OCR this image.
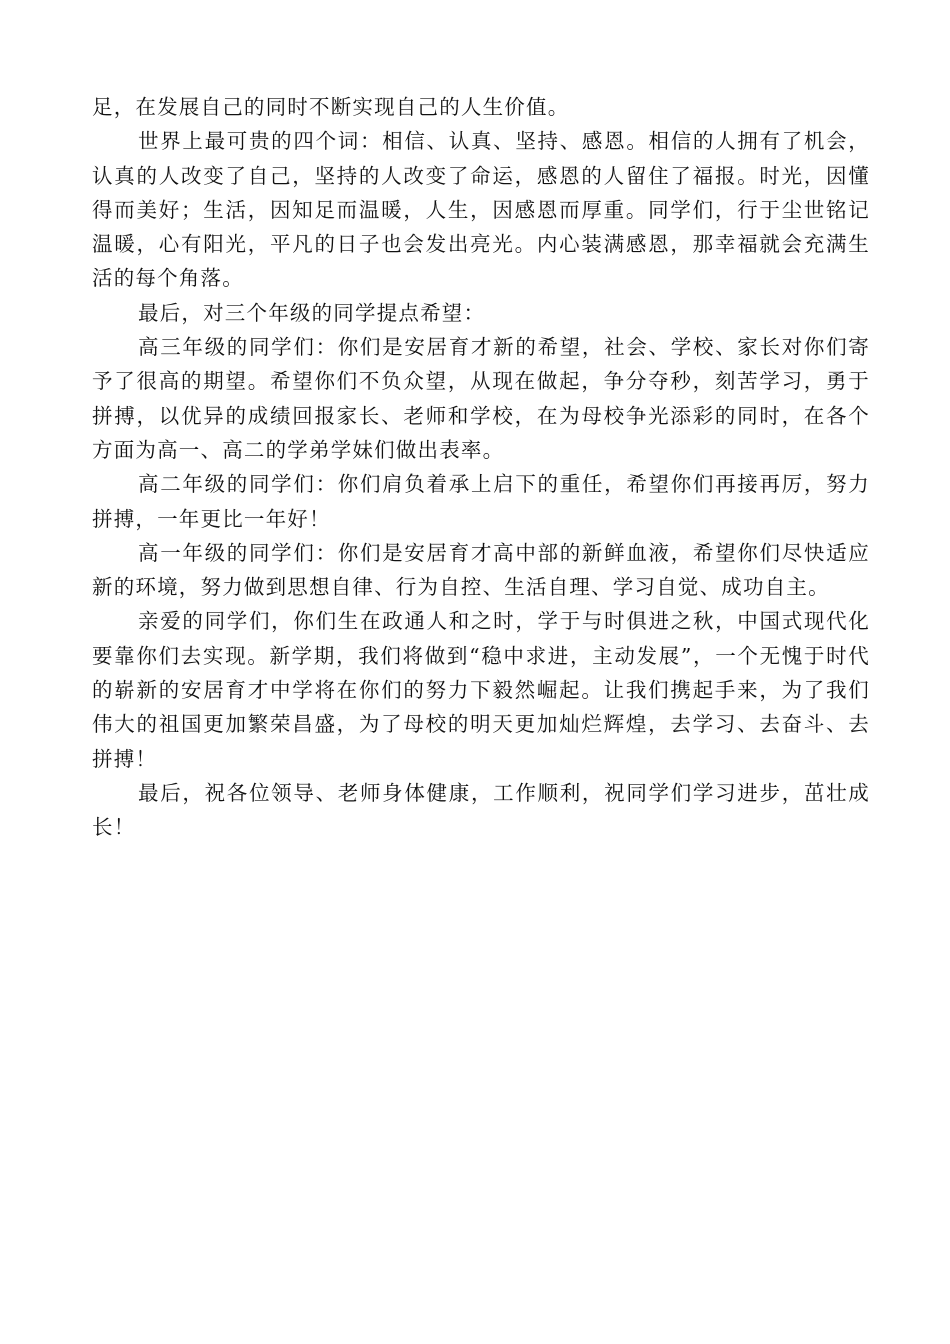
足，在发展自己的同时不断实现自己的人生价值。

世界上最可贵的四个词：相信、认真、坚持、感恩。相信的人拥有了机会，认真的人改变了自己，坚持的人改变了命运，感恩的人留住了福报。时光，因懂得而美好；生活，因知足而温暖，人生，因感恩而厚重。同学们，行于尘世铭记温暖，心有阳光，平凡的日子也会发出亮光。内心装满感恩，那幸福就会充满生活的每个角落。

最后，对三个年级的同学提点希望：

高三年级的同学们：你们是安居育才新的希望，社会、学校、家长对你们寄予了很高的期望。希望你们不负众望，从现在做起，争分夺秒，刻苦学习，勇于拼搏，以优异的成绩回报家长、老师和学校，在为母校争光添彩的同时，在各个方面为高一、高二的学弟学妹们做出表率。

高二年级的同学们：你们肩负着承上启下的重任，希望你们再接再厉，努力拼搏，一年更比一年好！

高一年级的同学们：你们是安居育才高中部的新鲜血液，希望你们尽快适应新的环境，努力做到思想自律、行为自控、生活自理、学习自觉、成功自主。

亲爱的同学们，你们生在政通人和之时，学于与时俱进之秋，中国式现代化要靠你们去实现。新学期，我们将做到“稳中求进，主动发展”，一个无愧于时代的崭新的安居育才中学将在你们的努力下毅然崛起。让我们携起手来，为了我们伟大的祖国更加繁荣昌盛，为了母校的明天更加灿烂辉煌，去学习、去奋斗、去拼搏！

最后，祝各位领导、老师身体健康，工作顺利，祝同学们学习进步，茁壮成长！
